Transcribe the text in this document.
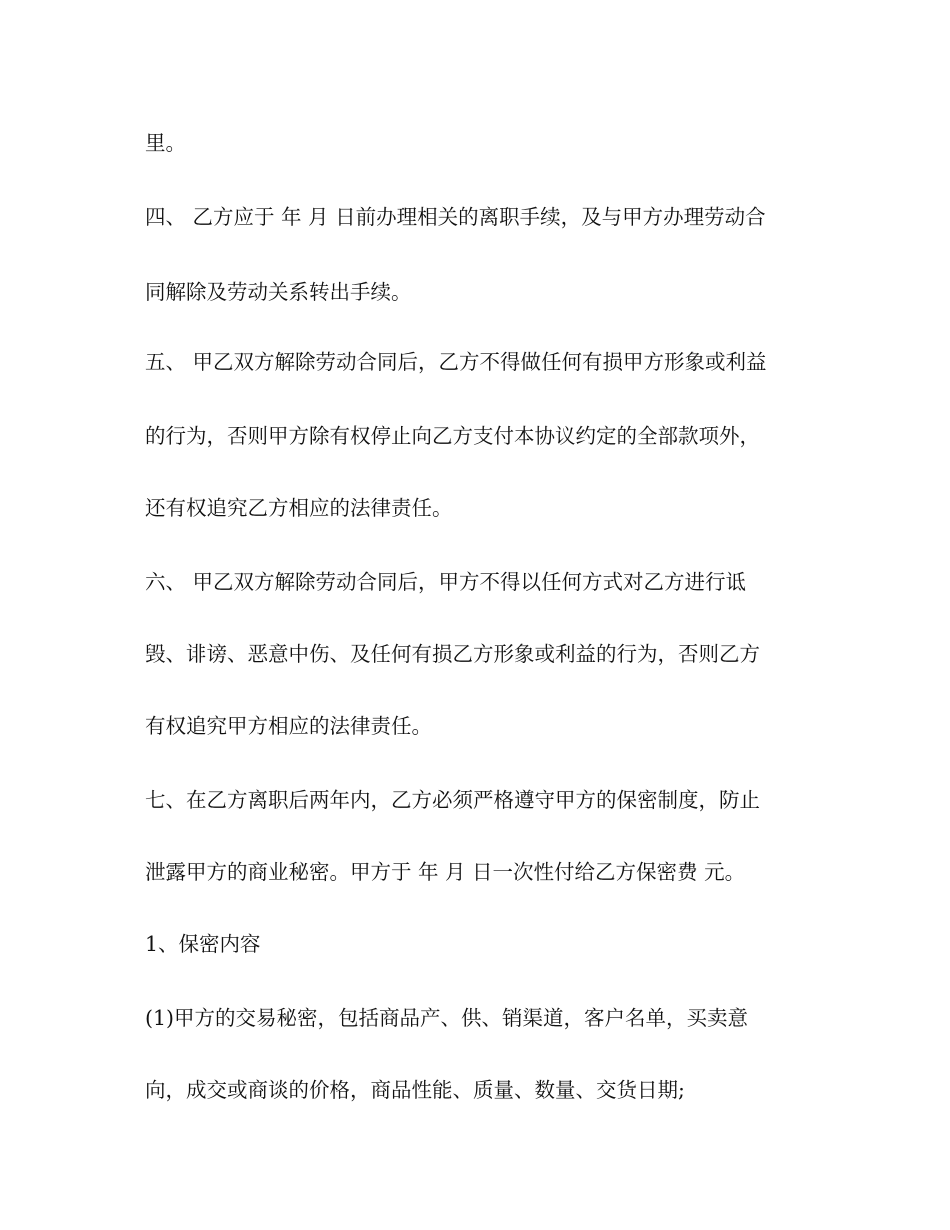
里。

四、 乙方应于 年 月 日前办理相关的离职手续，及与甲方办理劳动合

同解除及劳动关系转出手续。

五、 甲乙双方解除劳动合同后，乙方不得做任何有损甲方形象或利益

的行为，否则甲方除有权停止向乙方支付本协议约定的全部款项外，

还有权追究乙方相应的法律责任。

六、 甲乙双方解除劳动合同后，甲方不得以任何方式对乙方进行诋

毁、诽谤、恶意中伤、及任何有损乙方形象或利益的行为，否则乙方

有权追究甲方相应的法律责任。

七、在乙方离职后两年内，乙方必须严格遵守甲方的保密制度，防止

泄露甲方的商业秘密。甲方于 年 月 日一次性付给乙方保密费 元。

1、保密内容

(1)甲方的交易秘密，包括商品产、供、销渠道，客户名单，买卖意

向，成交或商谈的价格，商品性能、质量、数量、交货日期;
